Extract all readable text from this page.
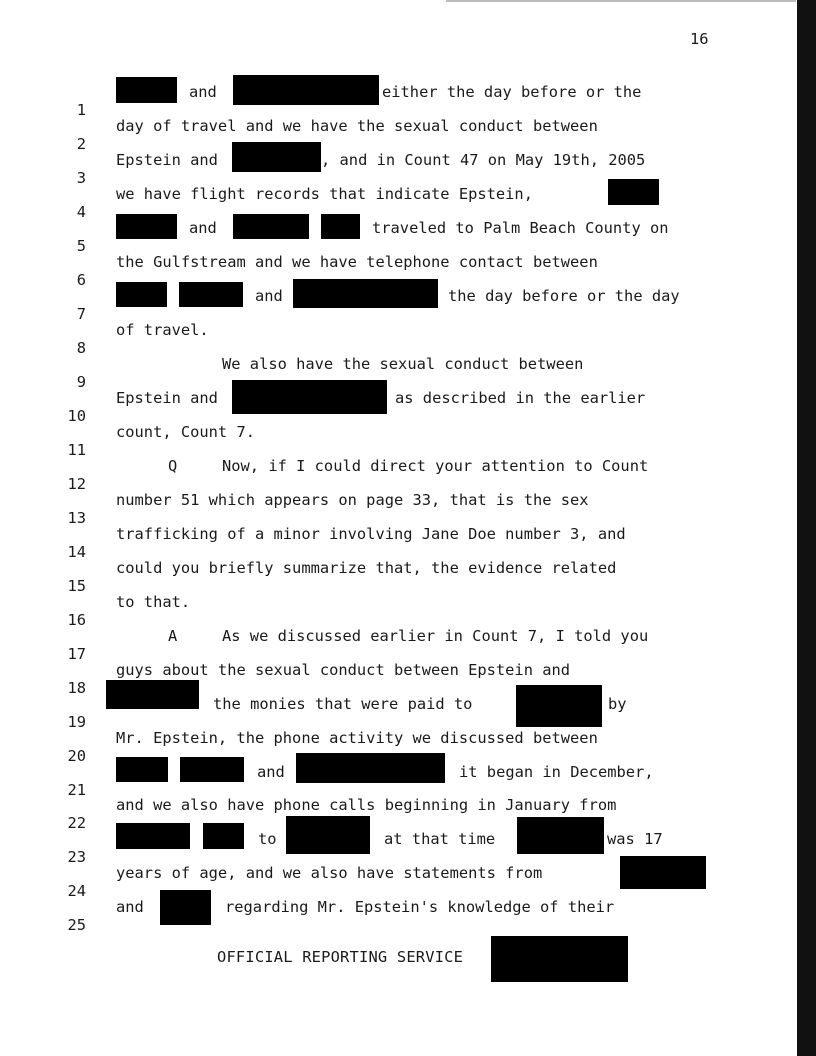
16

1

and

	either the day before or the

2

day of travel and we have the sexual conduct between

3

Epstein and

	, and in Count 47 on May 19th, 2005

4

we have flight records that indicate Epstein,

5

and

	traveled to Palm Beach County on

6

the Gulfstream and we have telephone contact between

7

and

	the day before or the day

8

of travel.

9

We also have the sexual conduct between

10

Epstein and

	as described in the earlier

11

count, Count 7.

12

Q

	Now, if I could direct your attention to Count

13

number 51 which appears on page 33, that is the sex

14

trafficking of a minor involving Jane Doe number 3, and

15

could you briefly summarize that, the evidence related

16

to that.

17

A

	As we discussed earlier in Count 7, I told you

18

guys about the sexual conduct between Epstein and

19

the monies that were paid to

	by

20

Mr. Epstein, the phone activity we discussed between

21

and

	it began in December,

22

and we also have phone calls beginning in January from

23

to

	at that time

	was 17

24

years of age, and we also have statements from

25

and

	regarding Mr. Epstein's knowledge of their

OFFICIAL REPORTING SERVICE
